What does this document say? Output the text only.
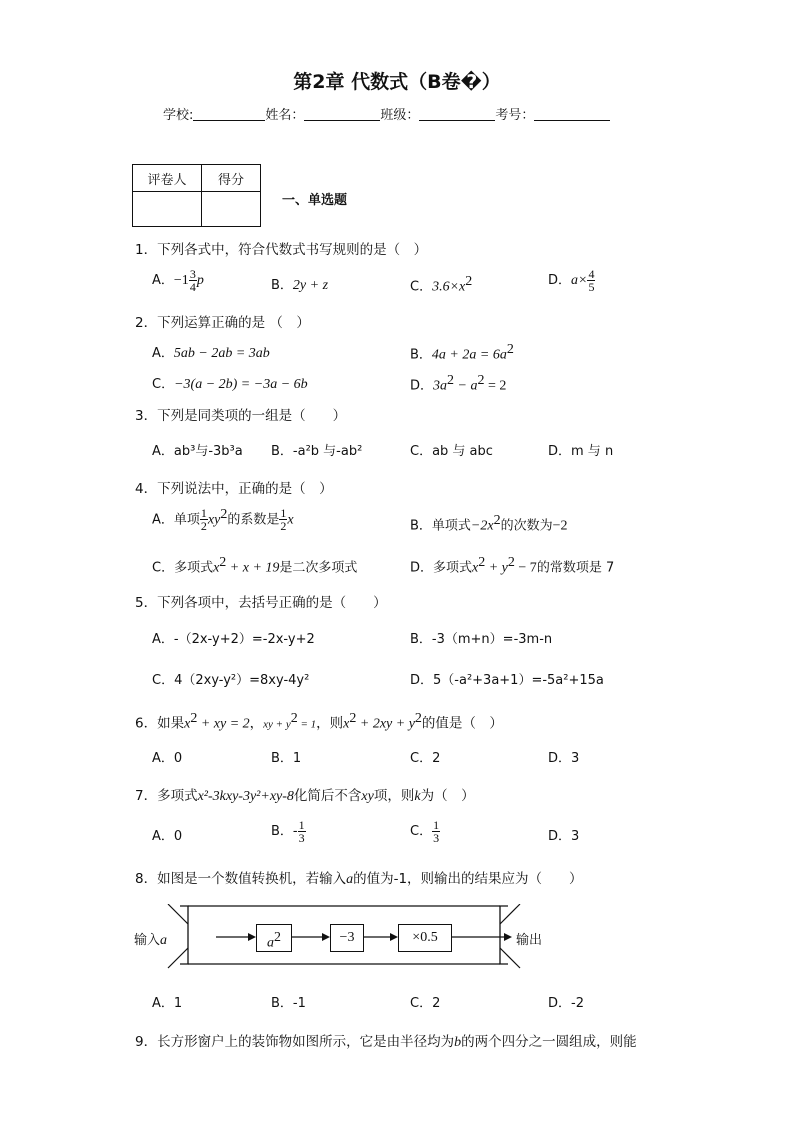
第2章 代数式（B卷�）
学校:	姓名：	班级：	考号：
评卷人	得分

一、单选题
1．下列各式中，符合代数式书写规则的是（　）
A．$-1 \frac{3}{4}$ p	B．2y + z	C．$3.6\times x^2$	D．$a\times \frac{4}{5}$
2．下列运算正确的是 （　）
A．5ab − 2ab = 3ab	B．$4a + 2a = 6a^2$
C．−3(a − 2b) = −3a − 6b	D．$3a^2 - a^2 = 2$
3．下列是同类项的一组是（　　）
A．ab³与-3b³a B．-a²b 与-ab²	C．ab 与 abc	D．m 与 n
4．下列说法中，正确的是（　）
A．单项 $\frac{1}{2} xy^2$的系数是 $\frac{1}{2}$ x	B．单项式$-2x^2$的次数为−2
C．多项式$x^2 + x + 19$是二次多项式	D．多项式$x^2 + y^2 - 7$的常数项是 7
5．下列各项中，去括号正确的是（　　）
A．-（2x-y+2）=-2x-y+2	B．-3（m+n）=-3m-n
C．4（2xy-y²）=8xy-4y²	D．5（-a²+3a+1）=-5a²+15a
6．如果$x^2$ + xy = 2，xy + $y^2 = 1$，则$x^2 + 2xy + y^2$的值是（　）
A．0	B．1	C．2	D．3
7．多项式x²-3kxy-3y²+xy-8化简后不含xy项，则k为（　）
A．0	B．- $\frac{1}{3}$	C． $\frac{1}{3}$	D．3
8．如图是一个数值转换机，若输入a的值为-1，则输出的结果应为（　　）
输入a	$a^2$	−3	×0.5	输出
A．1	B．-1	C．2	D．-2
9．长方形窗户上的装饰物如图所示，它是由半径均为b的两个四分之一圆组成，则能
